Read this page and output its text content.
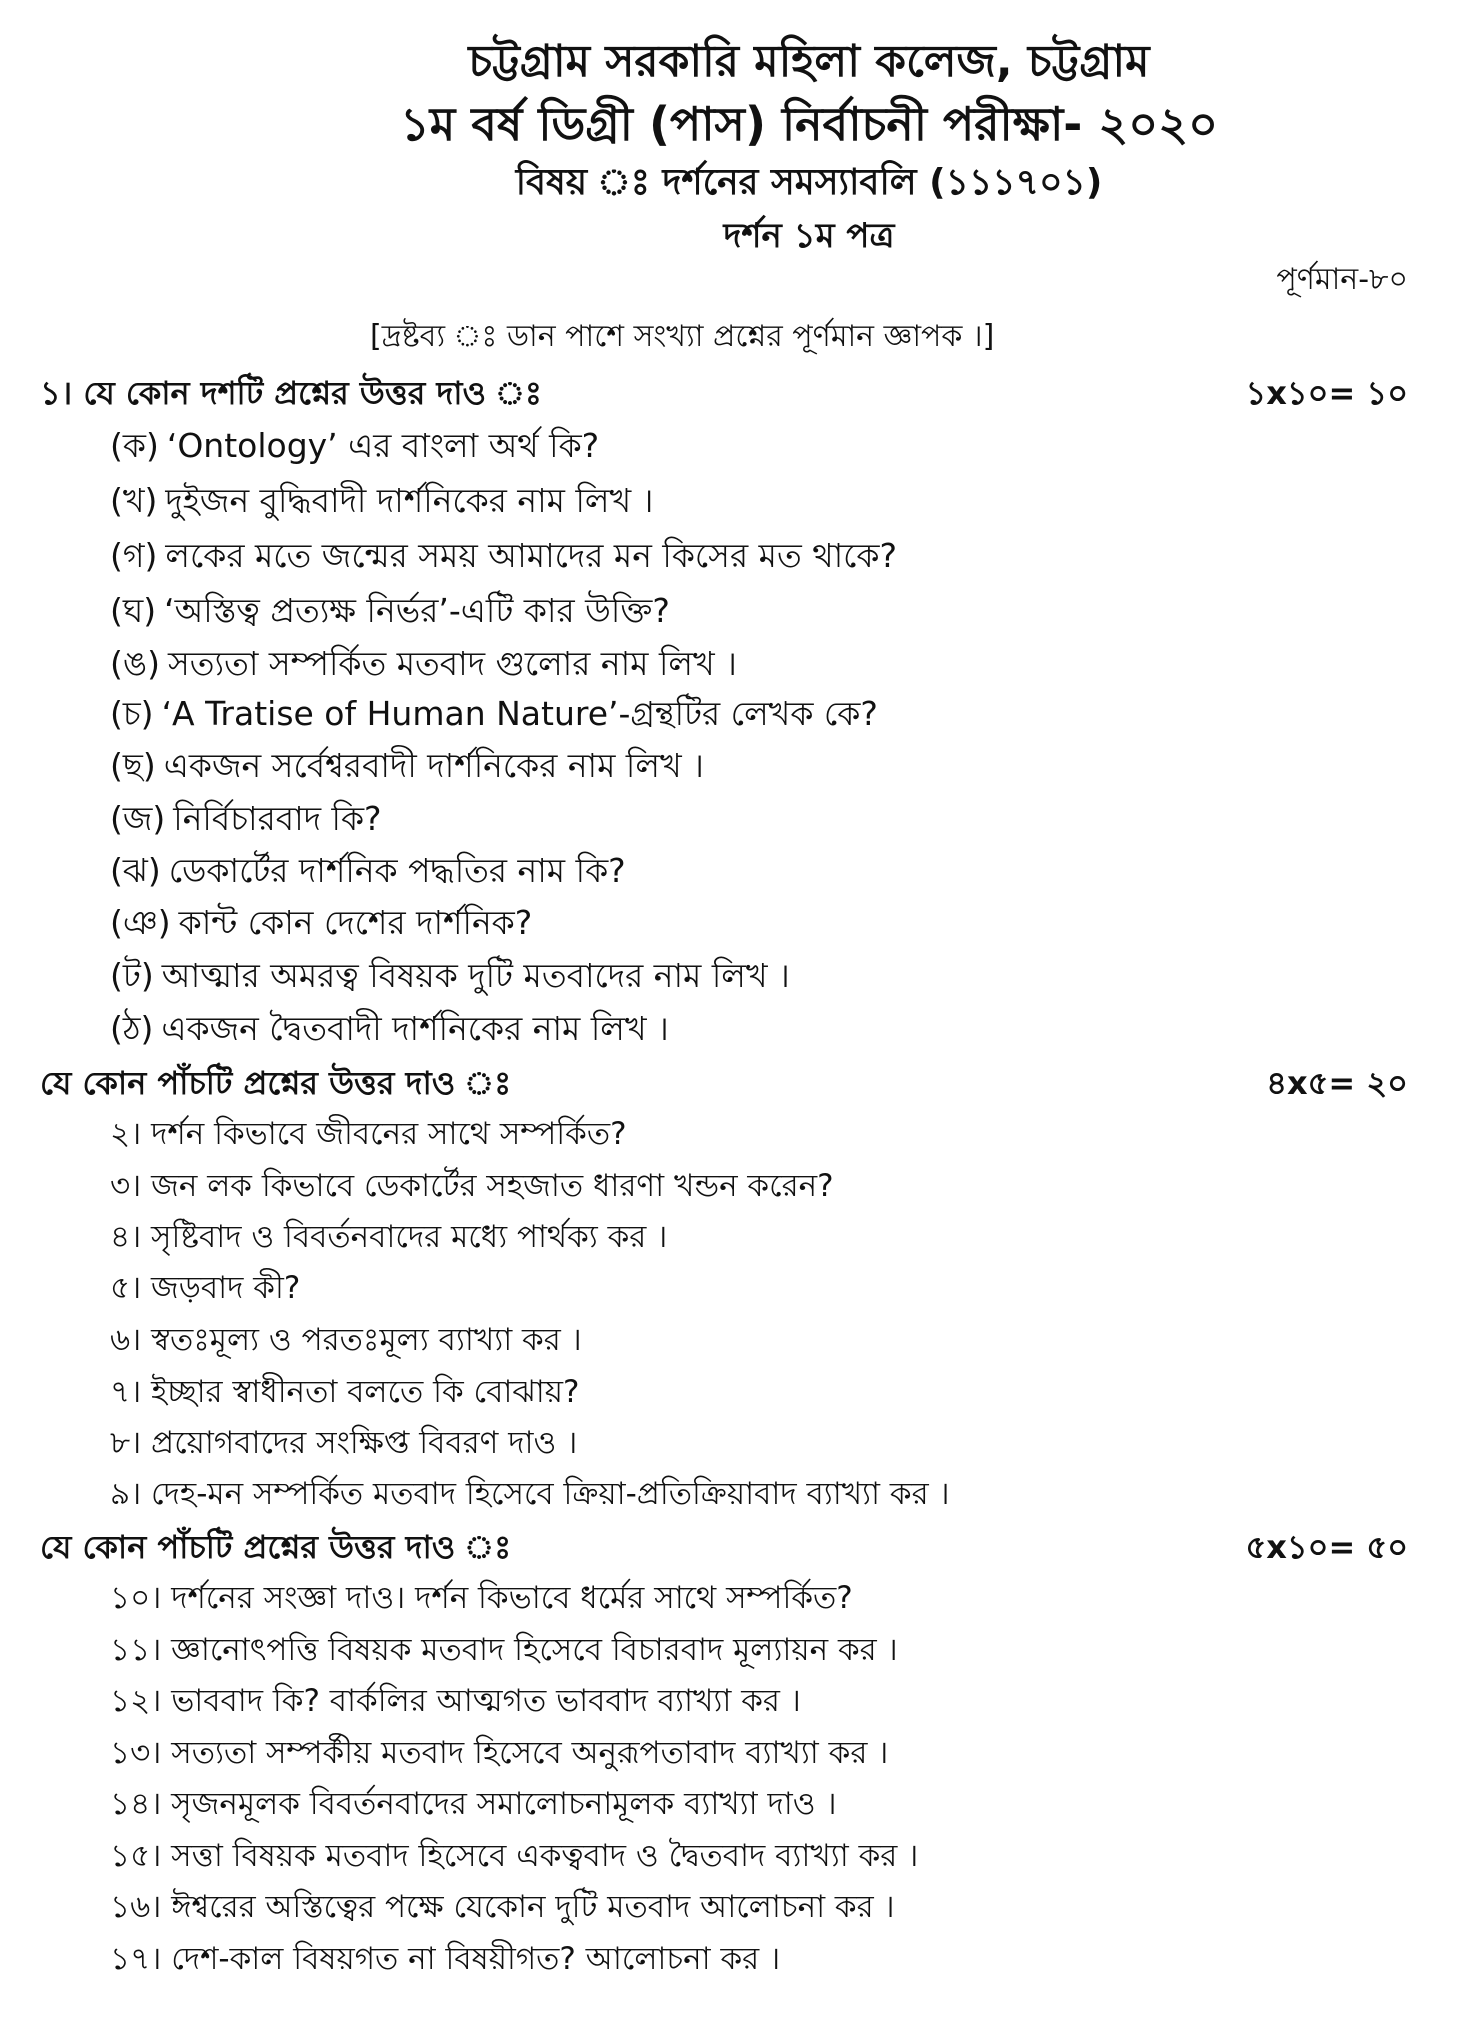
চট্টগ্রাম সরকারি মহিলা কলেজ, চট্টগ্রাম
১ম বর্ষ ডিগ্রী (পাস) নির্বাচনী পরীক্ষা- ২০২০
বিষয় ঃ দর্শনের সমস্যাবলি (১১১৭০১)
দর্শন ১ম পত্র
পূর্ণমান-৮০
[দ্রষ্টব্য ঃ ডান পাশে সংখ্যা প্রশ্নের পূর্ণমান জ্ঞাপক ।]
১। যে কোন দশটি প্রশ্নের উত্তর দাও ঃ	১x১০= ১০
(ক) ‘Ontology’ এর বাংলা অর্থ কি?
(খ) দুইজন বুদ্ধিবাদী দার্শনিকের নাম লিখ ।
(গ) লকের মতে জন্মের সময় আমাদের মন কিসের মত থাকে?
(ঘ) ‘অস্তিত্ব প্রত্যক্ষ নির্ভর’-এটি কার উক্তি?
(ঙ) সত্যতা সম্পর্কিত মতবাদ গুলোর নাম লিখ ।
(চ) ‘A Tratise of Human Nature’-গ্রন্থটির লেখক কে?
(ছ) একজন সর্বেশ্বরবাদী দার্শনিকের নাম লিখ ।
(জ) নির্বিচারবাদ কি?
(ঝ) ডেকার্টের দার্শনিক পদ্ধতির নাম কি?
(ঞ) কান্ট কোন দেশের দার্শনিক?
(ট) আত্মার অমরত্ব বিষয়ক দুটি মতবাদের নাম লিখ ।
(ঠ) একজন দ্বৈতবাদী দার্শনিকের নাম লিখ ।
যে কোন পাঁচটি প্রশ্নের উত্তর দাও ঃ	৪x৫= ২০
২। দর্শন কিভাবে জীবনের সাথে সম্পর্কিত?
৩। জন লক কিভাবে ডেকার্টের সহজাত ধারণা খন্ডন করেন?
৪। সৃষ্টিবাদ ও বিবর্তনবাদের মধ্যে পার্থক্য কর ।
৫। জড়বাদ কী?
৬। স্বতঃমূল্য ও পরতঃমূল্য ব্যাখ্যা কর ।
৭। ইচ্ছার স্বাধীনতা বলতে কি বোঝায়?
৮। প্রয়োগবাদের সংক্ষিপ্ত বিবরণ দাও ।
৯। দেহ-মন সম্পর্কিত মতবাদ হিসেবে ক্রিয়া-প্রতিক্রিয়াবাদ ব্যাখ্যা কর ।
যে কোন পাঁচটি প্রশ্নের উত্তর দাও ঃ	৫x১০= ৫০
১০। দর্শনের সংজ্ঞা দাও। দর্শন কিভাবে ধর্মের সাথে সম্পর্কিত?
১১। জ্ঞানোৎপত্তি বিষয়ক মতবাদ হিসেবে বিচারবাদ মূল্যায়ন কর ।
১২। ভাববাদ কি? বার্কলির আত্মগত ভাববাদ ব্যাখ্যা কর ।
১৩। সত্যতা সম্পর্কীয় মতবাদ হিসেবে অনুরূপতাবাদ ব্যাখ্যা কর ।
১৪। সৃজনমূলক বিবর্তনবাদের সমালোচনামূলক ব্যাখ্যা দাও ।
১৫। সত্তা বিষয়ক মতবাদ হিসেবে একত্ববাদ ও দ্বৈতবাদ ব্যাখ্যা কর ।
১৬। ঈশ্বরের অস্তিত্বের পক্ষে যেকোন দুটি মতবাদ আলোচনা কর ।
১৭। দেশ-কাল বিষয়গত না বিষয়ীগত? আলোচনা কর ।
